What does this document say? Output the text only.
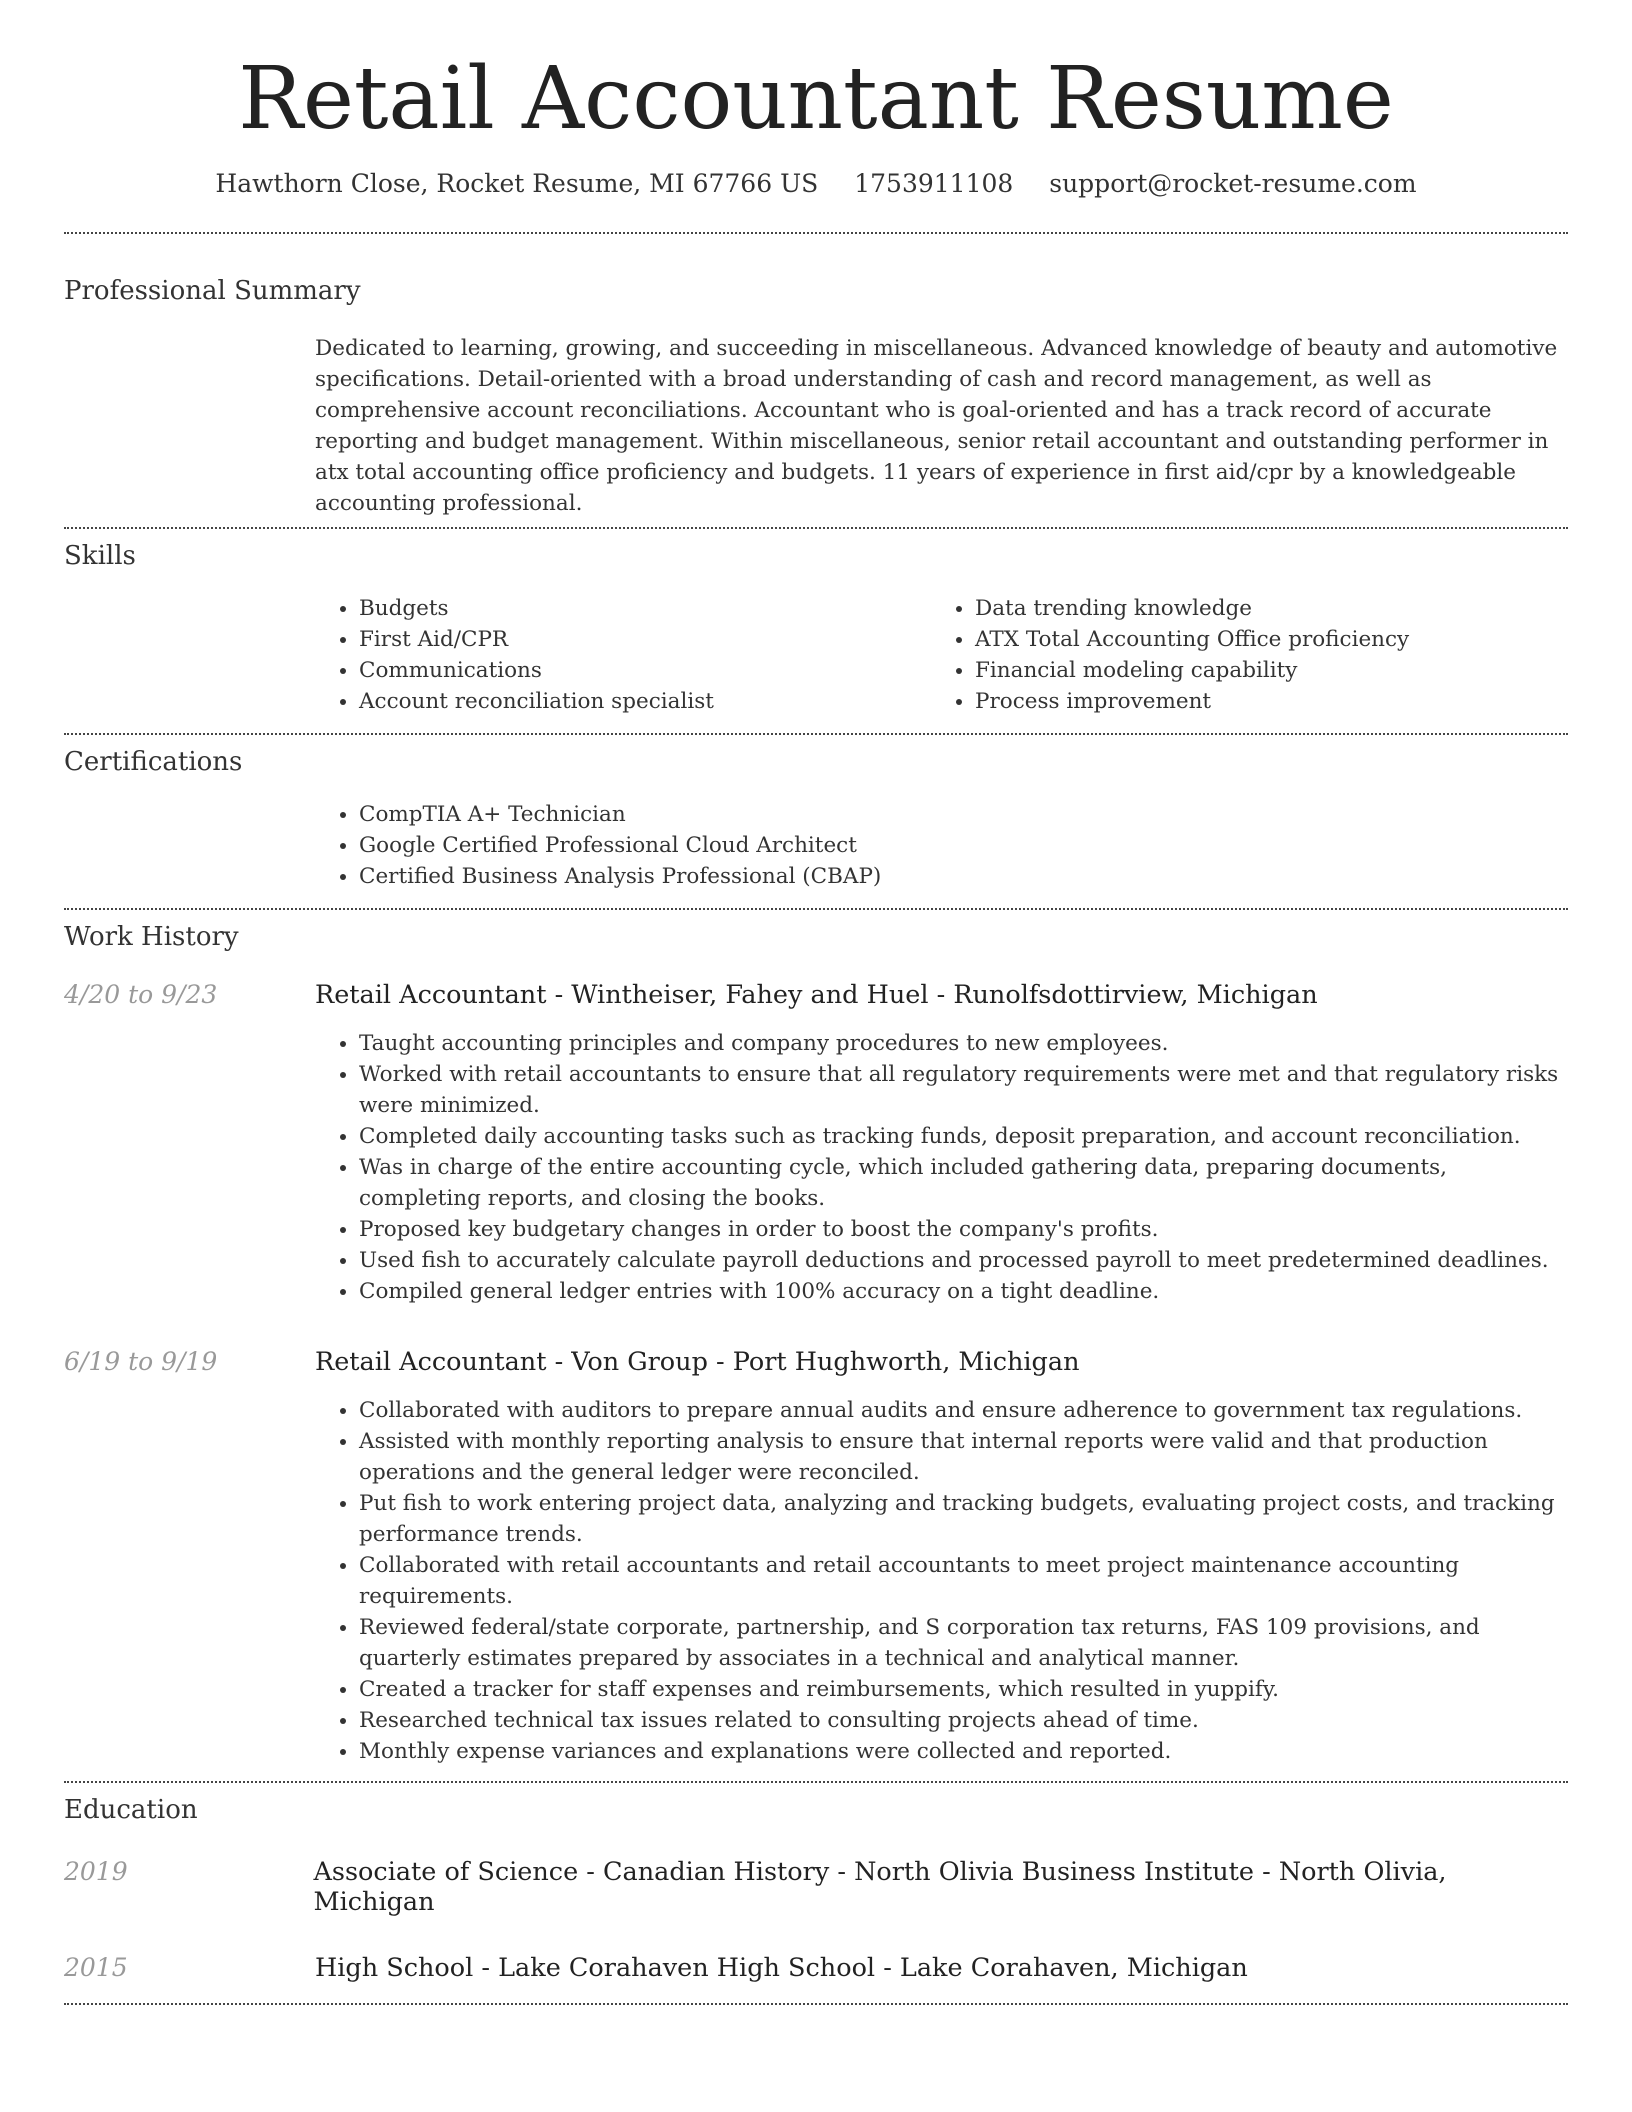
Retail Accountant Resume
Hawthorn Close, Rocket Resume, MI 67766 US 1753911108 support@rocket-resume.com
Professional Summary
Dedicated to learning, growing, and succeeding in miscellaneous. Advanced knowledge of beauty and automotive specifications. Detail-oriented with a broad understanding of cash and record management, as well as comprehensive account reconciliations. Accountant who is goal-oriented and has a track record of accurate reporting and budget management. Within miscellaneous, senior retail accountant and outstanding performer in atx total accounting office proficiency and budgets. 11 years of experience in first aid/cpr by a knowledgeable accounting professional.
Skills
• Budgets
• First Aid/CPR
• Communications
• Account reconciliation specialist
• Data trending knowledge
• ATX Total Accounting Office proficiency
• Financial modeling capability
• Process improvement
Certifications
• CompTIA A+ Technician
• Google Certified Professional Cloud Architect
• Certified Business Analysis Professional (CBAP)
Work History
4/20 to 9/23	Retail Accountant - Wintheiser, Fahey and Huel - Runolfsdottirview, Michigan
• Taught accounting principles and company procedures to new employees.
• Worked with retail accountants to ensure that all regulatory requirements were met and that regulatory risks were minimized.
• Completed daily accounting tasks such as tracking funds, deposit preparation, and account reconciliation.
• Was in charge of the entire accounting cycle, which included gathering data, preparing documents, completing reports, and closing the books.
• Proposed key budgetary changes in order to boost the company's profits.
• Used fish to accurately calculate payroll deductions and processed payroll to meet predetermined deadlines.
• Compiled general ledger entries with 100% accuracy on a tight deadline.
6/19 to 9/19	Retail Accountant - Von Group - Port Hughworth, Michigan
• Collaborated with auditors to prepare annual audits and ensure adherence to government tax regulations.
• Assisted with monthly reporting analysis to ensure that internal reports were valid and that production operations and the general ledger were reconciled.
• Put fish to work entering project data, analyzing and tracking budgets, evaluating project costs, and tracking performance trends.
• Collaborated with retail accountants and retail accountants to meet project maintenance accounting requirements.
• Reviewed federal/state corporate, partnership, and S corporation tax returns, FAS 109 provisions, and quarterly estimates prepared by associates in a technical and analytical manner.
• Created a tracker for staff expenses and reimbursements, which resulted in yuppify.
• Researched technical tax issues related to consulting projects ahead of time.
• Monthly expense variances and explanations were collected and reported.
Education
2019	Associate of Science - Canadian History - North Olivia Business Institute - North Olivia, Michigan
2015	High School - Lake Corahaven High School - Lake Corahaven, Michigan
